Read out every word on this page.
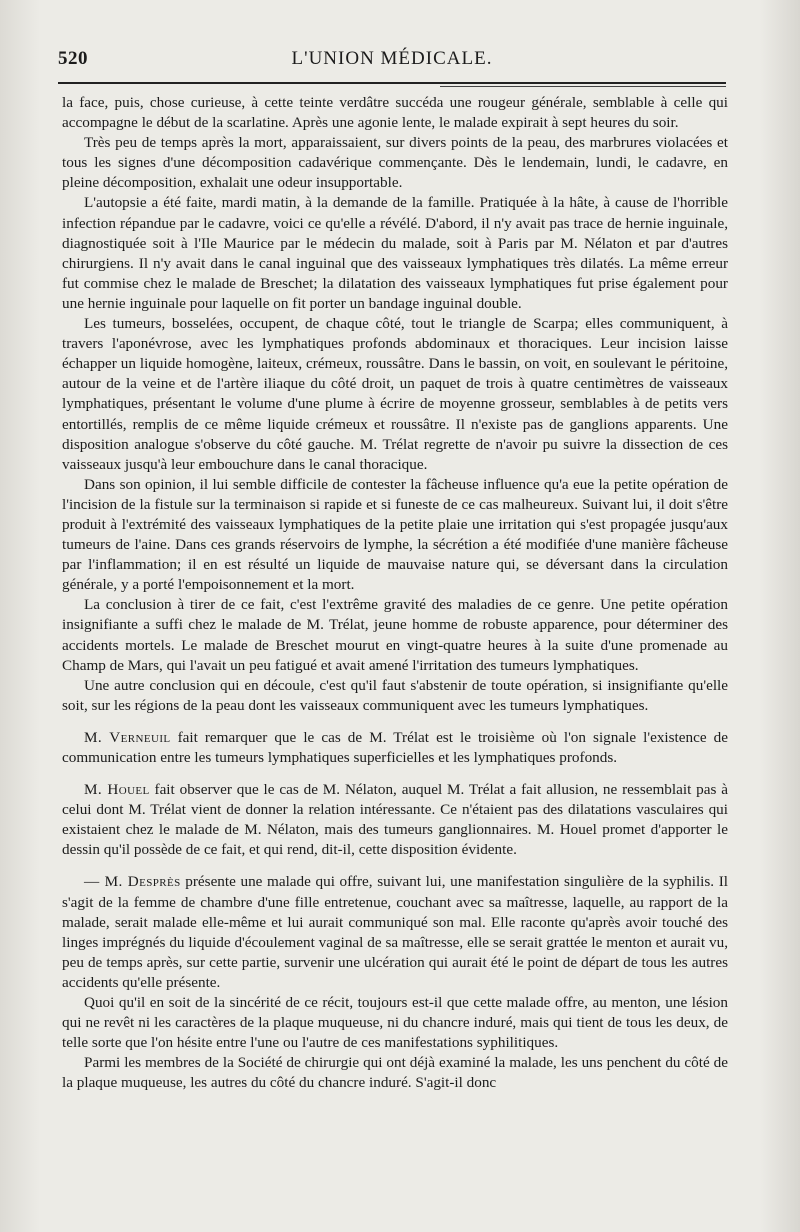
520	L'UNION MÉDICALE.

la face, puis, chose curieuse, à cette teinte verdâtre succéda une rougeur générale, semblable à celle qui accompagne le début de la scarlatine. Après une agonie lente, le malade expirait à sept heures du soir.

Très peu de temps après la mort, apparaissaient, sur divers points de la peau, des marbrures violacées et tous les signes d'une décomposition cadavérique commençante. Dès le lendemain, lundi, le cadavre, en pleine décomposition, exhalait une odeur insupportable.

L'autopsie a été faite, mardi matin, à la demande de la famille. Pratiquée à la hâte, à cause de l'horrible infection répandue par le cadavre, voici ce qu'elle a révélé. D'abord, il n'y avait pas trace de hernie inguinale, diagnostiquée soit à l'Ile Maurice par le médecin du malade, soit à Paris par M. Nélaton et par d'autres chirurgiens. Il n'y avait dans le canal inguinal que des vaisseaux lymphatiques très dilatés. La même erreur fut commise chez le malade de Breschet; la dilatation des vaisseaux lymphatiques fut prise également pour une hernie inguinale pour laquelle on fit porter un bandage inguinal double.

Les tumeurs, bosselées, occupent, de chaque côté, tout le triangle de Scarpa; elles communiquent, à travers l'aponévrose, avec les lymphatiques profonds abdominaux et thoraciques. Leur incision laisse échapper un liquide homogène, laiteux, crémeux, roussâtre. Dans le bassin, on voit, en soulevant le péritoine, autour de la veine et de l'artère iliaque du côté droit, un paquet de trois à quatre centimètres de vaisseaux lymphatiques, présentant le volume d'une plume à écrire de moyenne grosseur, semblables à de petits vers entortillés, remplis de ce même liquide crémeux et roussâtre. Il n'existe pas de ganglions apparents. Une disposition analogue s'observe du côté gauche. M. Trélat regrette de n'avoir pu suivre la dissection de ces vaisseaux jusqu'à leur embouchure dans le canal thoracique.

Dans son opinion, il lui semble difficile de contester la fâcheuse influence qu'a eue la petite opération de l'incision de la fistule sur la terminaison si rapide et si funeste de ce cas malheureux. Suivant lui, il doit s'être produit à l'extrémité des vaisseaux lymphatiques de la petite plaie une irritation qui s'est propagée jusqu'aux tumeurs de l'aine. Dans ces grands réservoirs de lymphe, la sécrétion a été modifiée d'une manière fâcheuse par l'inflammation; il en est résulté un liquide de mauvaise nature qui, se déversant dans la circulation générale, y a porté l'empoisonnement et la mort.

La conclusion à tirer de ce fait, c'est l'extrême gravité des maladies de ce genre. Une petite opération insignifiante a suffi chez le malade de M. Trélat, jeune homme de robuste apparence, pour déterminer des accidents mortels. Le malade de Breschet mourut en vingt-quatre heures à la suite d'une promenade au Champ de Mars, qui l'avait un peu fatigué et avait amené l'irritation des tumeurs lymphatiques.

Une autre conclusion qui en découle, c'est qu'il faut s'abstenir de toute opération, si insignifiante qu'elle soit, sur les régions de la peau dont les vaisseaux communiquent avec les tumeurs lymphatiques.

M. Verneuil fait remarquer que le cas de M. Trélat est le troisième où l'on signale l'existence de communication entre les tumeurs lymphatiques superficielles et les lymphatiques profonds.

M. Houel fait observer que le cas de M. Nélaton, auquel M. Trélat a fait allusion, ne ressemblait pas à celui dont M. Trélat vient de donner la relation intéressante. Ce n'étaient pas des dilatations vasculaires qui existaient chez le malade de M. Nélaton, mais des tumeurs ganglionnaires. M. Houel promet d'apporter le dessin qu'il possède de ce fait, et qui rend, dit-il, cette disposition évidente.

— M. Desprès présente une malade qui offre, suivant lui, une manifestation singulière de la syphilis. Il s'agit de la femme de chambre d'une fille entretenue, couchant avec sa maîtresse, laquelle, au rapport de la malade, serait malade elle-même et lui aurait communiqué son mal. Elle raconte qu'après avoir touché des linges imprégnés du liquide d'écoulement vaginal de sa maîtresse, elle se serait grattée le menton et aurait vu, peu de temps après, sur cette partie, survenir une ulcération qui aurait été le point de départ de tous les autres accidents qu'elle présente.

Quoi qu'il en soit de la sincérité de ce récit, toujours est-il que cette malade offre, au menton, une lésion qui ne revêt ni les caractères de la plaque muqueuse, ni du chancre induré, mais qui tient de tous les deux, de telle sorte que l'on hésite entre l'une ou l'autre de ces manifestations syphilitiques.

Parmi les membres de la Société de chirurgie qui ont déjà examiné la malade, les uns penchent du côté de la plaque muqueuse, les autres du côté du chancre induré. S'agit-il donc
